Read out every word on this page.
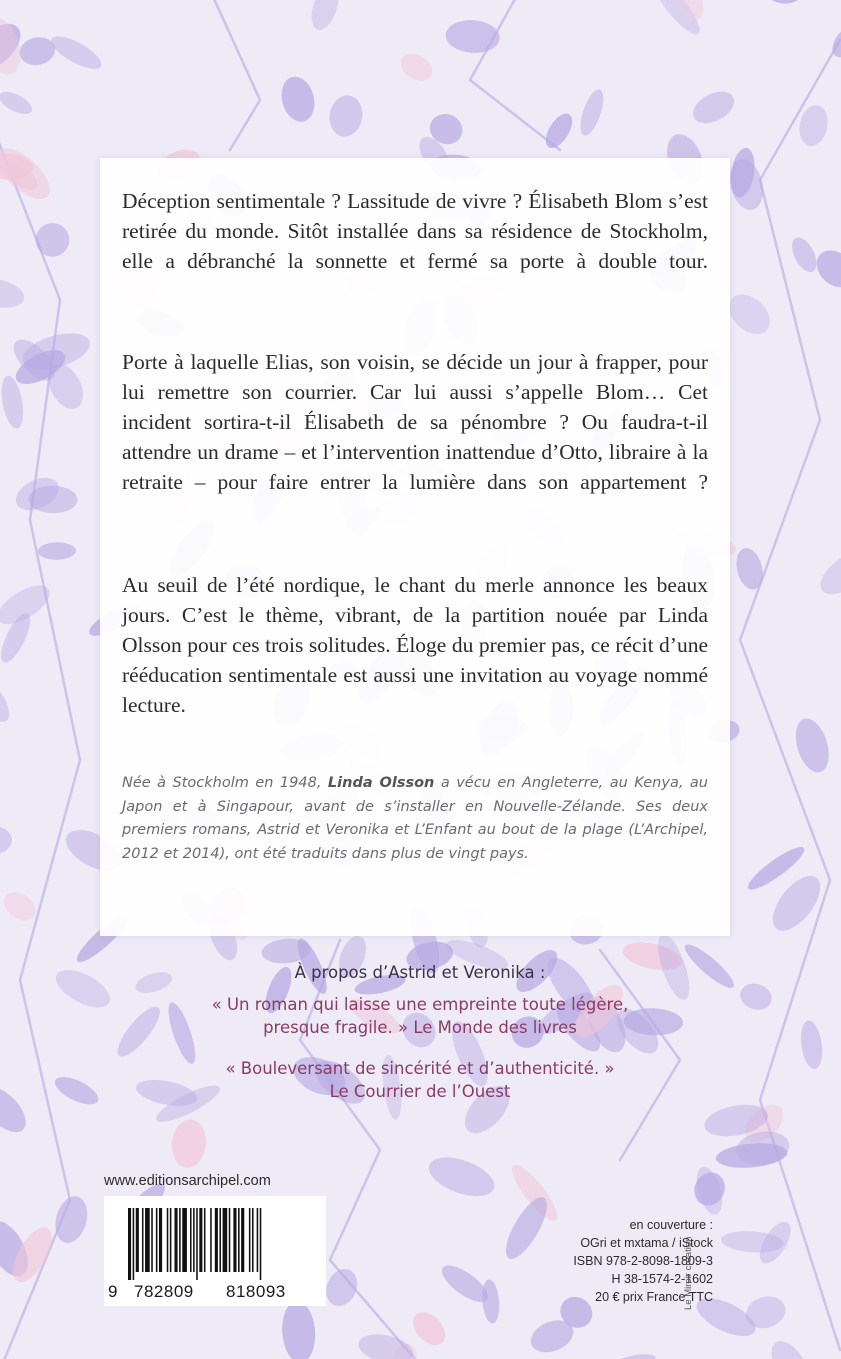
Déception sentimentale ? Lassitude de vivre ? Élisabeth Blom s’est retirée du monde. Sitôt installée dans sa résidence de Stockholm, elle a débranché la sonnette et fermé sa porte à double tour.

Porte à laquelle Elias, son voisin, se décide un jour à frapper, pour lui remettre son courrier. Car lui aussi s’appelle Blom… Cet incident sortira-t-il Élisabeth de sa pénombre ? Ou faudra-t-il attendre un drame – et l’intervention inattendue d’Otto, libraire à la retraite – pour faire entrer la lumière dans son appartement ?

Au seuil de l’été nordique, le chant du merle annonce les beaux jours. C’est le thème, vibrant, de la partition nouée par Linda Olsson pour ces trois solitudes. Éloge du premier pas, ce récit d’une rééducation sentimentale est aussi une invitation au voyage nommé lecture.

Née à Stockholm en 1948, Linda Olsson a vécu en Angleterre, au Kenya, au Japon et à Singapour, avant de s’installer en Nouvelle-Zélande. Ses deux premiers romans, Astrid et Veronika et L’Enfant au bout de la plage (L’Archipel, 2012 et 2014), ont été traduits dans plus de vingt pays.

À propos d’Astrid et Veronika :

« Un roman qui laisse une empreinte toute légère,

presque fragile. » Le Monde des livres

« Bouleversant de sincérité et d’authenticité. »

Le Courrier de l’Ouest

www.editionsarchipel.com
9 782809 818093
en couverture :
OGri et mxtama / iStock
ISBN 978-2-8098-1809-3
H 38-1574-2-1602
20 € prix France TTC
Le Miroir création
